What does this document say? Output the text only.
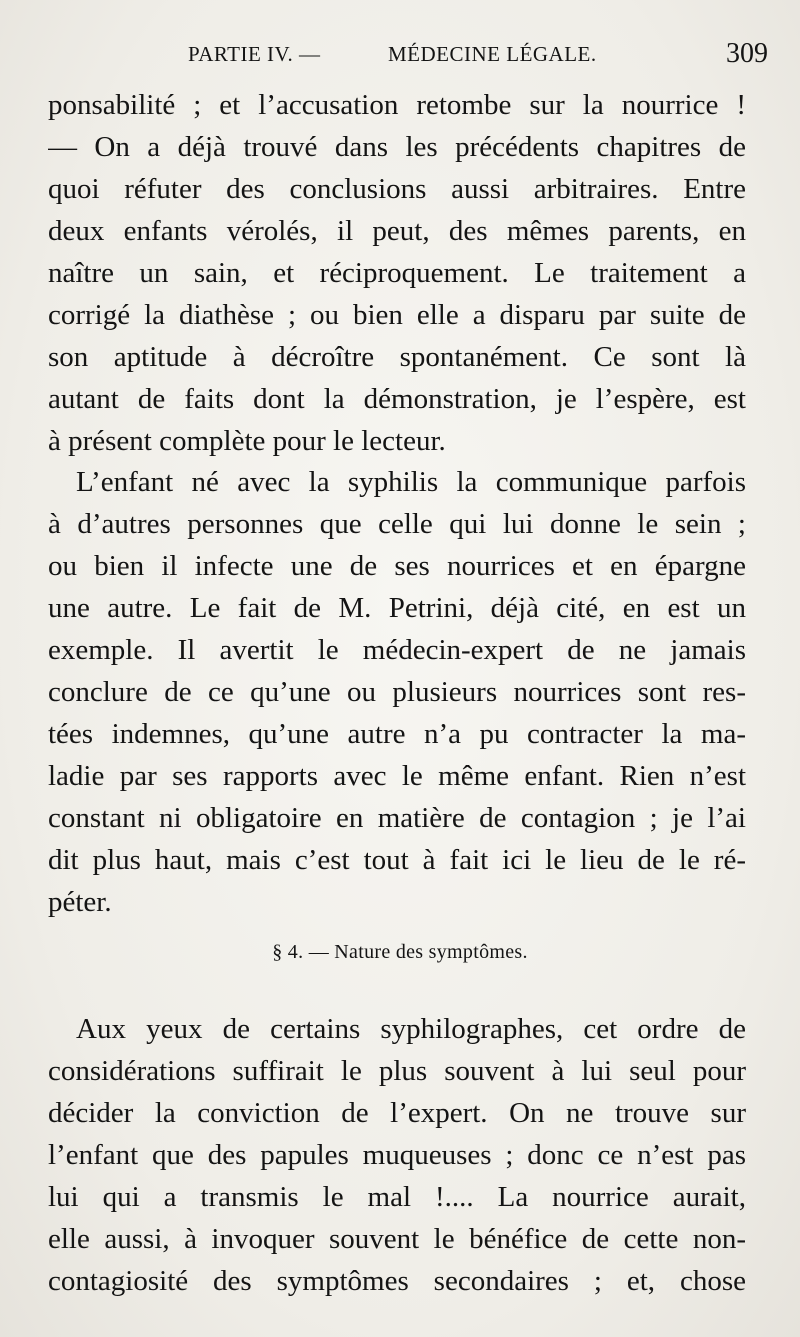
PARTIE IV. —	MÉDECINE LÉGALE.	309
ponsabilité ; et l’accusation retombe sur la nourrice !
— On a déjà trouvé dans les précédents chapitres de
quoi réfuter des conclusions aussi arbitraires. Entre
deux enfants vérolés, il peut, des mêmes parents, en
naître un sain, et réciproquement. Le traitement a
corrigé la diathèse ; ou bien elle a disparu par suite de
son aptitude à décroître spontanément. Ce sont là
autant de faits dont la démonstration, je l’espère, est
à présent complète pour le lecteur.
L’enfant né avec la syphilis la communique parfois
à d’autres personnes que celle qui lui donne le sein ;
ou bien il infecte une de ses nourrices et en épargne
une autre. Le fait de M. Petrini, déjà cité, en est un
exemple. Il avertit le médecin-expert de ne jamais
conclure de ce qu’une ou plusieurs nourrices sont res-
tées indemnes, qu’une autre n’a pu contracter la ma-
ladie par ses rapports avec le même enfant. Rien n’est
constant ni obligatoire en matière de contagion ; je l’ai
dit plus haut, mais c’est tout à fait ici le lieu de le ré-
péter.
§ 4. — Nature des symptômes.
Aux yeux de certains syphilographes, cet ordre de
considérations suffirait le plus souvent à lui seul pour
décider la conviction de l’expert. On ne trouve sur
l’enfant que des papules muqueuses ; donc ce n’est pas
lui qui a transmis le mal !.... La nourrice aurait,
elle aussi, à invoquer souvent le bénéfice de cette non-
contagiosité des symptômes secondaires ; et, chose
